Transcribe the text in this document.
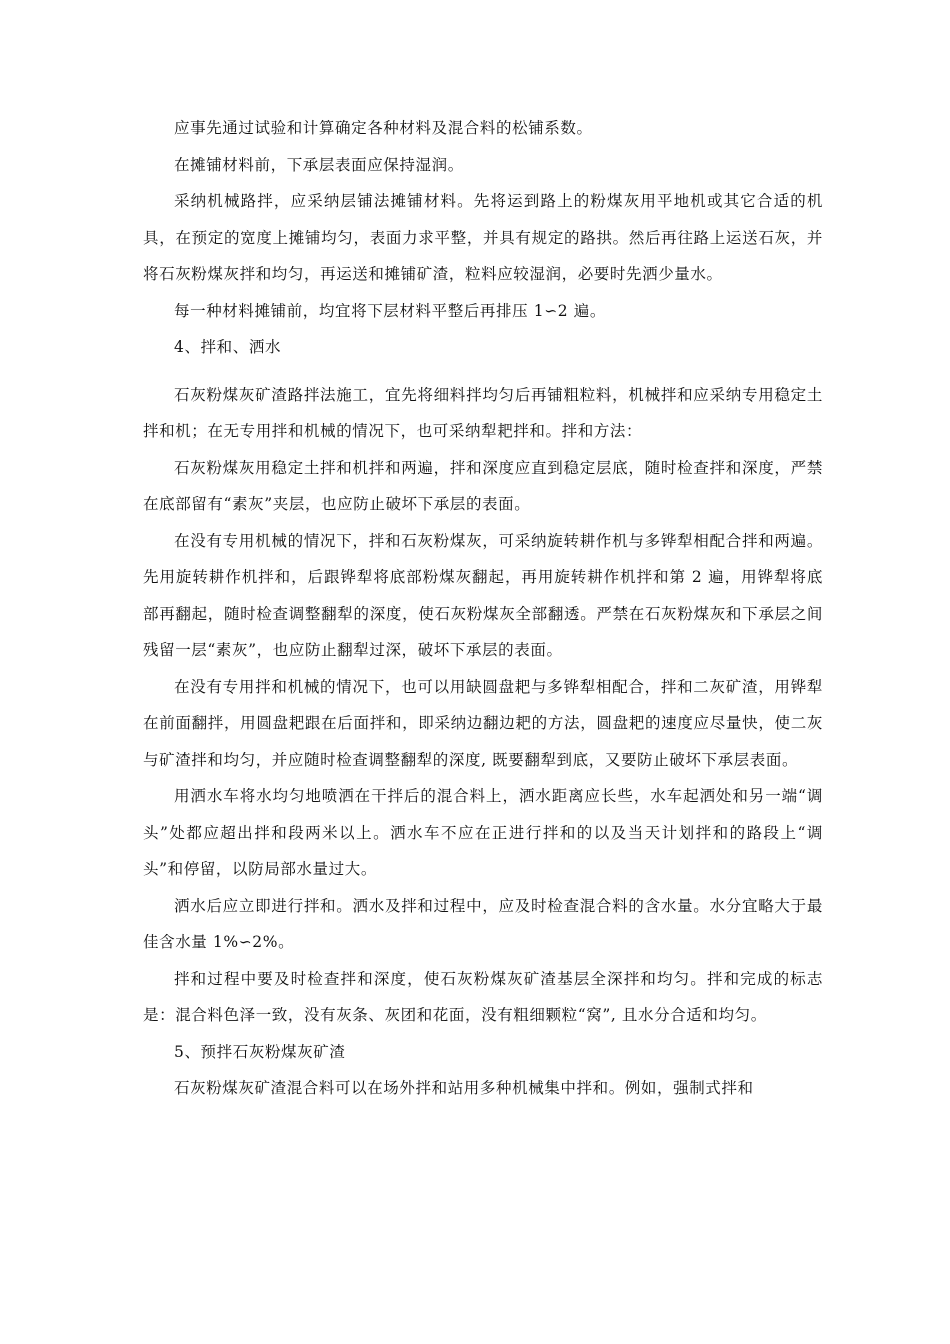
应事先通过试验和计算确定各种材料及混合料的松铺系数。

在摊铺材料前，下承层表面应保持湿润。

采纳机械路拌，应采纳层铺法摊铺材料。先将运到路上的粉煤灰用平地机或其它合适的机具，在预定的宽度上摊铺均匀，表面力求平整，并具有规定的路拱。然后再往路上运送石灰，并将石灰粉煤灰拌和均匀，再运送和摊铺矿渣，粒料应较湿润，必要时先洒少量水。

每一种材料摊铺前，均宜将下层材料平整后再排压 1∽2 遍。

4、拌和、洒水

石灰粉煤灰矿渣路拌法施工，宜先将细料拌均匀后再铺粗粒料，机械拌和应采纳专用稳定土拌和机；在无专用拌和机械的情况下，也可采纳犁耙拌和。拌和方法：

石灰粉煤灰用稳定土拌和机拌和两遍，拌和深度应直到稳定层底，随时检查拌和深度，严禁在底部留有“素灰”夹层，也应防止破坏下承层的表面。

在没有专用机械的情况下，拌和石灰粉煤灰，可采纳旋转耕作机与多铧犁相配合拌和两遍。先用旋转耕作机拌和，后跟铧犁将底部粉煤灰翻起，再用旋转耕作机拌和第 2 遍，用铧犁将底部再翻起，随时检查调整翻犁的深度，使石灰粉煤灰全部翻透。严禁在石灰粉煤灰和下承层之间残留一层“素灰”，也应防止翻犁过深，破坏下承层的表面。

在没有专用拌和机械的情况下，也可以用缺圆盘耙与多铧犁相配合，拌和二灰矿渣，用铧犁在前面翻拌，用圆盘耙跟在后面拌和，即采纳边翻边耙的方法，圆盘耙的速度应尽量快，使二灰与矿渣拌和均匀，并应随时检查调整翻犁的深度, 既要翻犁到底，又要防止破坏下承层表面。

用洒水车将水均匀地喷洒在干拌后的混合料上，洒水距离应长些，水车起洒处和另一端“调头”处都应超出拌和段两米以上。洒水车不应在正进行拌和的以及当天计划拌和的路段上“调头”和停留，以防局部水量过大。

洒水后应立即进行拌和。洒水及拌和过程中，应及时检查混合料的含水量。水分宜略大于最佳含水量 1%∽2%。

拌和过程中要及时检查拌和深度，使石灰粉煤灰矿渣基层全深拌和均匀。拌和完成的标志是：混合料色泽一致，没有灰条、灰团和花面，没有粗细颗粒“窝”, 且水分合适和均匀。

5、预拌石灰粉煤灰矿渣

石灰粉煤灰矿渣混合料可以在场外拌和站用多种机械集中拌和。例如，强制式拌和
